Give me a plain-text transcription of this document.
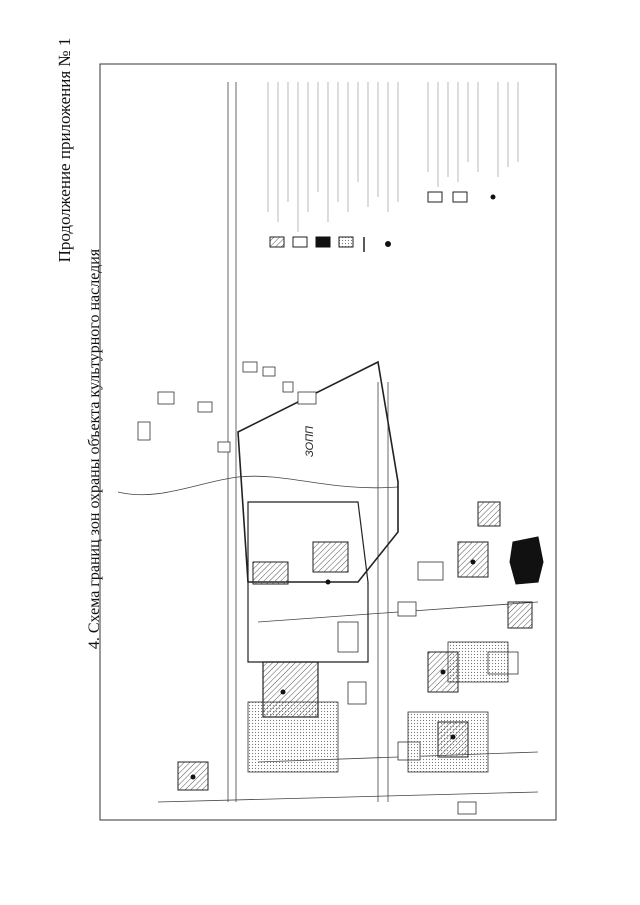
Продолжение приложения № 1
4. Схема границ зон охраны объекта культурного наследия	ЗОПП
